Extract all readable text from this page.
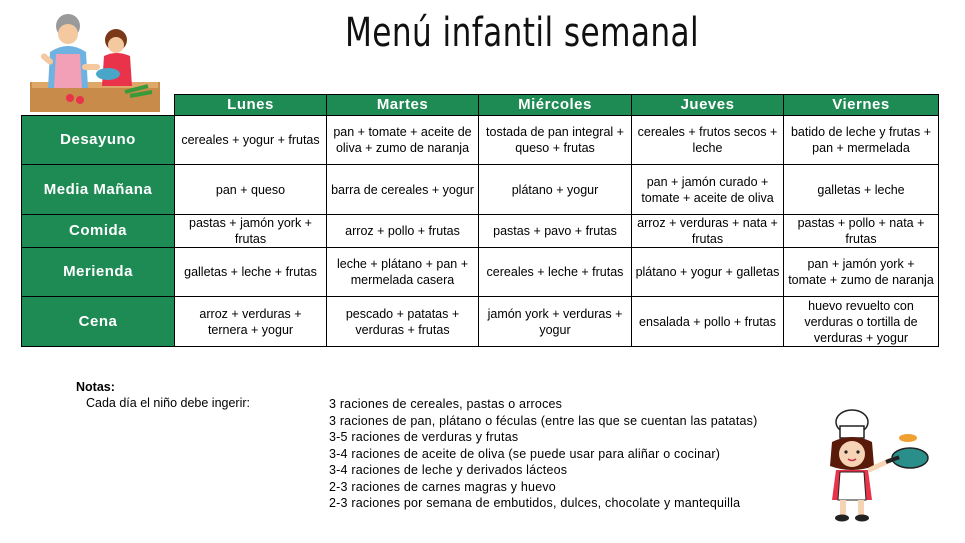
Menú infantil semanal
	Lunes	Martes	Miércoles	Jueves	Viernes
Desayuno	cereales + yogur + frutas	pan + tomate + aceite de oliva + zumo de naranja	tostada de pan integral + queso + frutas	cereales + frutos secos + leche	batido de leche y frutas + pan + mermelada
Media Mañana	pan + queso	barra de cereales + yogur	plátano + yogur	pan + jamón curado + tomate + aceite de oliva	galletas + leche
Comida	pastas + jamón york + frutas	arroz + pollo + frutas	pastas + pavo + frutas	arroz + verduras + nata + frutas	pastas + pollo + nata + frutas
Merienda	galletas + leche + frutas	leche + plátano + pan + mermelada casera	cereales + leche + frutas	plátano + yogur + galletas	pan + jamón york + tomate + zumo de naranja
Cena	arroz + verduras + ternera + yogur	pescado + patatas + verduras + frutas	jamón york + verduras + yogur	ensalada + pollo + frutas	huevo revuelto con verduras o tortilla de verduras + yogur
Notas:
Cada día el niño debe ingerir:	3 raciones de cereales, pastas o arroces
3 raciones de pan, plátano o féculas (entre las que se cuentan las patatas)
3-5 raciones de verduras y frutas
3-4 raciones de aceite de oliva (se puede usar para aliñar o cocinar)
3-4 raciones de leche y derivados lácteos
2-3 raciones de carnes magras y huevo
2-3 raciones por semana de embutidos, dulces, chocolate y mantequilla
